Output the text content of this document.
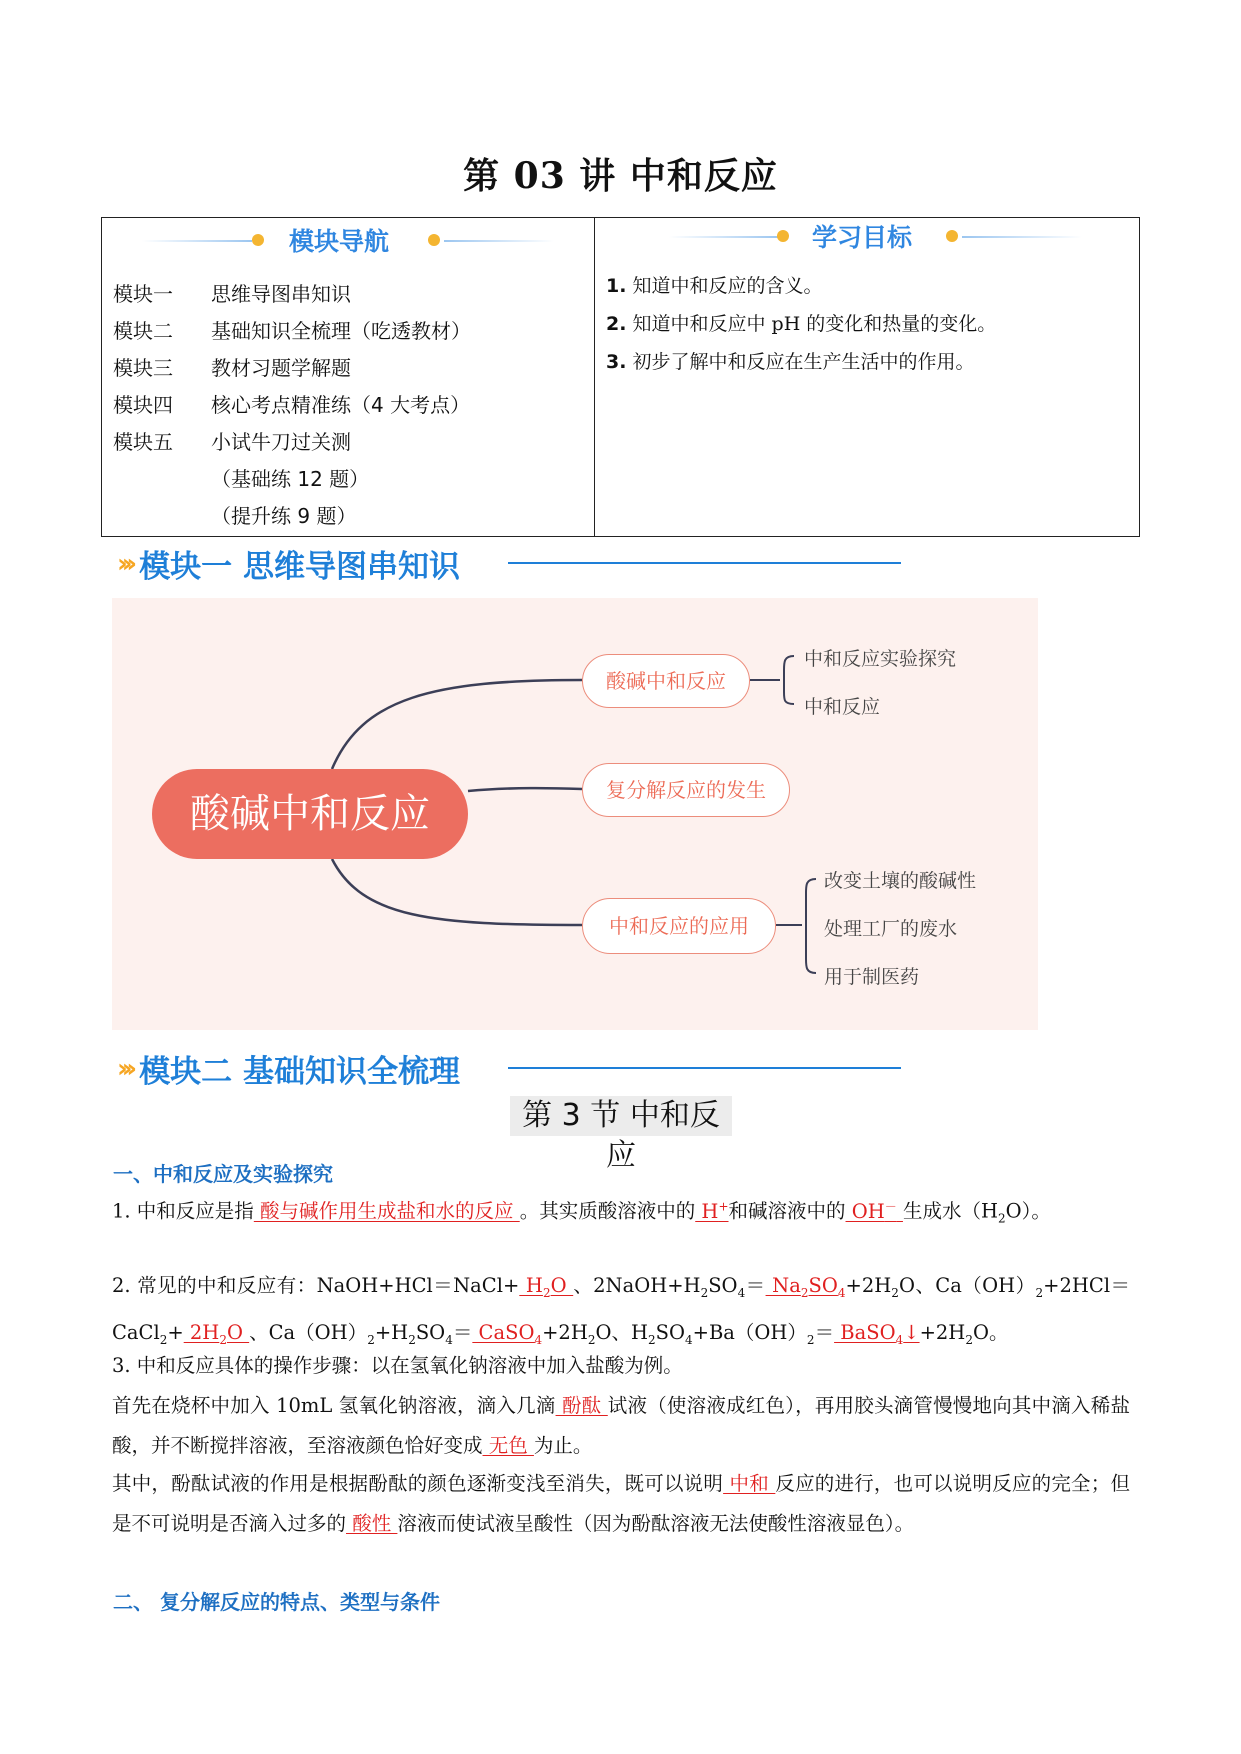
第 03 讲 中和反应
模块导航
模块一 思维导图串知识
模块二 基础知识全梳理（吃透教材）
模块三 教材习题学解题
模块四 核心考点精准练（4 大考点）
模块五 小试牛刀过关测
（基础练 12 题）
（提升练 9 题）
学习目标
1. 知道中和反应的含义。
2. 知道中和反应中 pH 的变化和热量的变化。
3. 初步了解中和反应在生产生活中的作用。
››› 模块一 思维导图串知识
酸碱中和反应
酸碱中和反应
中和反应实验探究
中和反应
复分解反应的发生
中和反应的应用
改变土壤的酸碱性
处理工厂的废水
用于制医药
››› 模块二 基础知识全梳理
第 3 节 中和反应
一、中和反应及实验探究
1. 中和反应是指 酸与碱作用生成盐和水的反应 。其实质酸溶液中的 H+和碱溶液中的 OH－ 生成水$(H_2O)$。
2. 常见的中和反应有：NaOH+HCl＝NaCl+ $H_2O$ 、$2NaOH+H_2SO_4= Na_2SO_4+2H_2O$、$Ca(OH)_2+2HCl=CaCl_2+ 2H_2O$ 、$Ca(OH)_2+H_2SO_4=$ $CaSO_4+2H_2O$、$H_2SO_4+Ba(OH)_2=$ $BaSO_4↓+2H_2O$。
3. 中和反应具体的操作步骤：以在氢氧化钠溶液中加入盐酸为例。
首先在烧杯中加入 10mL 氢氧化钠溶液，滴入几滴 酚酞 试液（使溶液成红色），再用胶头滴管慢慢地向其中滴入稀盐酸，并不断搅拌溶液，至溶液颜色恰好变成 无色 为止。
其中，酚酞试液的作用是根据酚酞的颜色逐渐变浅至消失，既可以说明 中和 反应的进行，也可以说明反应的完全；但是不可说明是否滴入过多的 酸性 溶液而使试液呈酸性（因为酚酞溶液无法使酸性溶液显色）。
二、 复分解反应的特点、类型与条件
